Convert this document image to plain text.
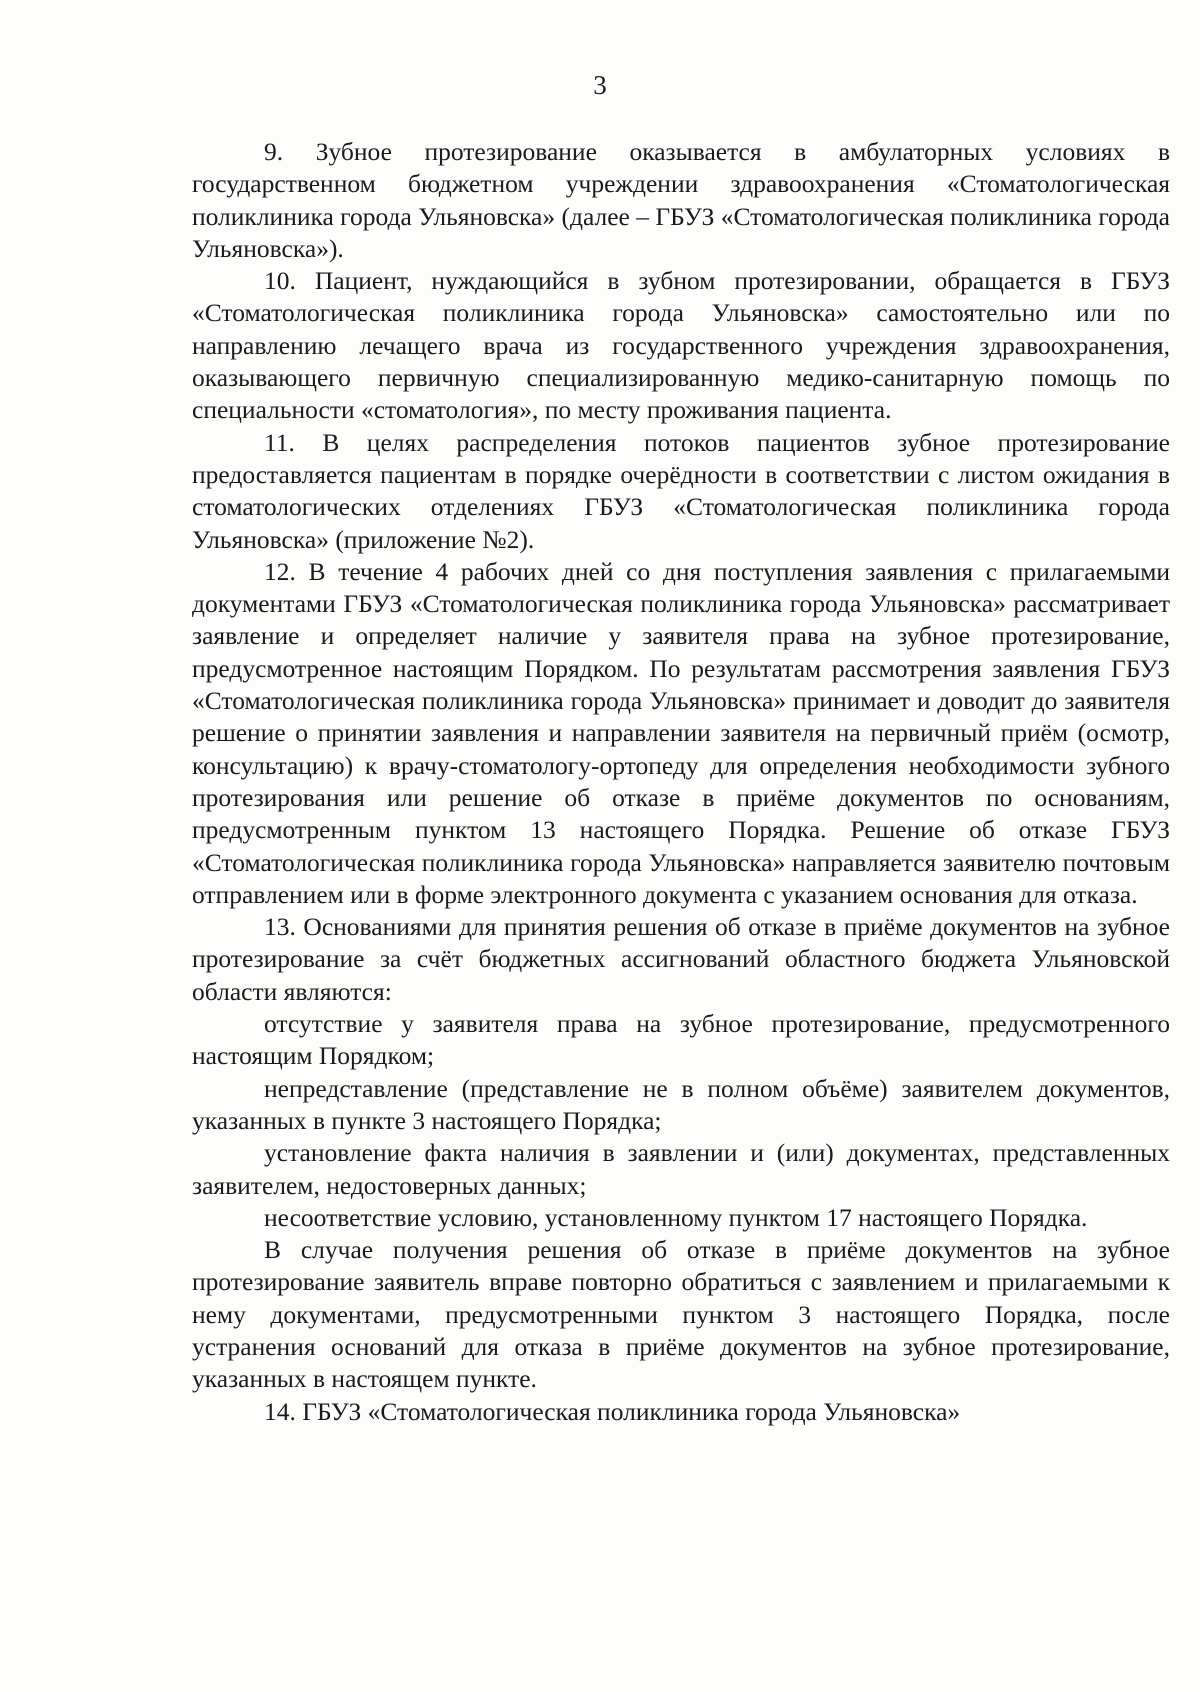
3

9. Зубное протезирование оказывается в амбулаторных условиях в государственном бюджетном учреждении здравоохранения «Стоматологическая поликлиника города Ульяновска» (далее – ГБУЗ «Стоматологическая поликлиника города Ульяновска»).

10. Пациент, нуждающийся в зубном протезировании, обращается в ГБУЗ «Стоматологическая поликлиника города Ульяновска» самостоятельно или по направлению лечащего врача из государственного учреждения здравоохранения, оказывающего первичную специализированную медико-санитарную помощь по специальности «стоматология», по месту проживания пациента.

11. В целях распределения потоков пациентов зубное протезирование предоставляется пациентам в порядке очерёдности в соответствии с листом ожидания в стоматологических отделениях ГБУЗ «Стоматологическая поликлиника города Ульяновска» (приложение №2).

12. В течение 4 рабочих дней со дня поступления заявления с прилагаемыми документами ГБУЗ «Стоматологическая поликлиника города Ульяновска» рассматривает заявление и определяет наличие у заявителя права на зубное протезирование, предусмотренное настоящим Порядком. По результатам рассмотрения заявления ГБУЗ «Стоматологическая поликлиника города Ульяновска» принимает и доводит до заявителя решение о принятии заявления и направлении заявителя на первичный приём (осмотр, консультацию) к врачу-стоматологу-ортопеду для определения необходимости зубного протезирования или решение об отказе в приёме документов по основаниям, предусмотренным пунктом 13 настоящего Порядка. Решение об отказе ГБУЗ «Стоматологическая поликлиника города Ульяновска» направляется заявителю почтовым отправлением или в форме электронного документа с указанием основания для отказа.

13. Основаниями для принятия решения об отказе в приёме документов на зубное протезирование за счёт бюджетных ассигнований областного бюджета Ульяновской области являются:

отсутствие у заявителя права на зубное протезирование, предусмотренного настоящим Порядком;

непредставление (представление не в полном объёме) заявителем документов, указанных в пункте 3 настоящего Порядка;

установление факта наличия в заявлении и (или) документах, представленных заявителем, недостоверных данных;

несоответствие условию, установленному пунктом 17 настоящего Порядка.

В случае получения решения об отказе в приёме документов на зубное протезирование заявитель вправе повторно обратиться с заявлением и прилагаемыми к нему документами, предусмотренными пунктом 3 настоящего Порядка, после устранения оснований для отказа в приёме документов на зубное протезирование, указанных в настоящем пункте.

14. ГБУЗ «Стоматологическая поликлиника города Ульяновска»
